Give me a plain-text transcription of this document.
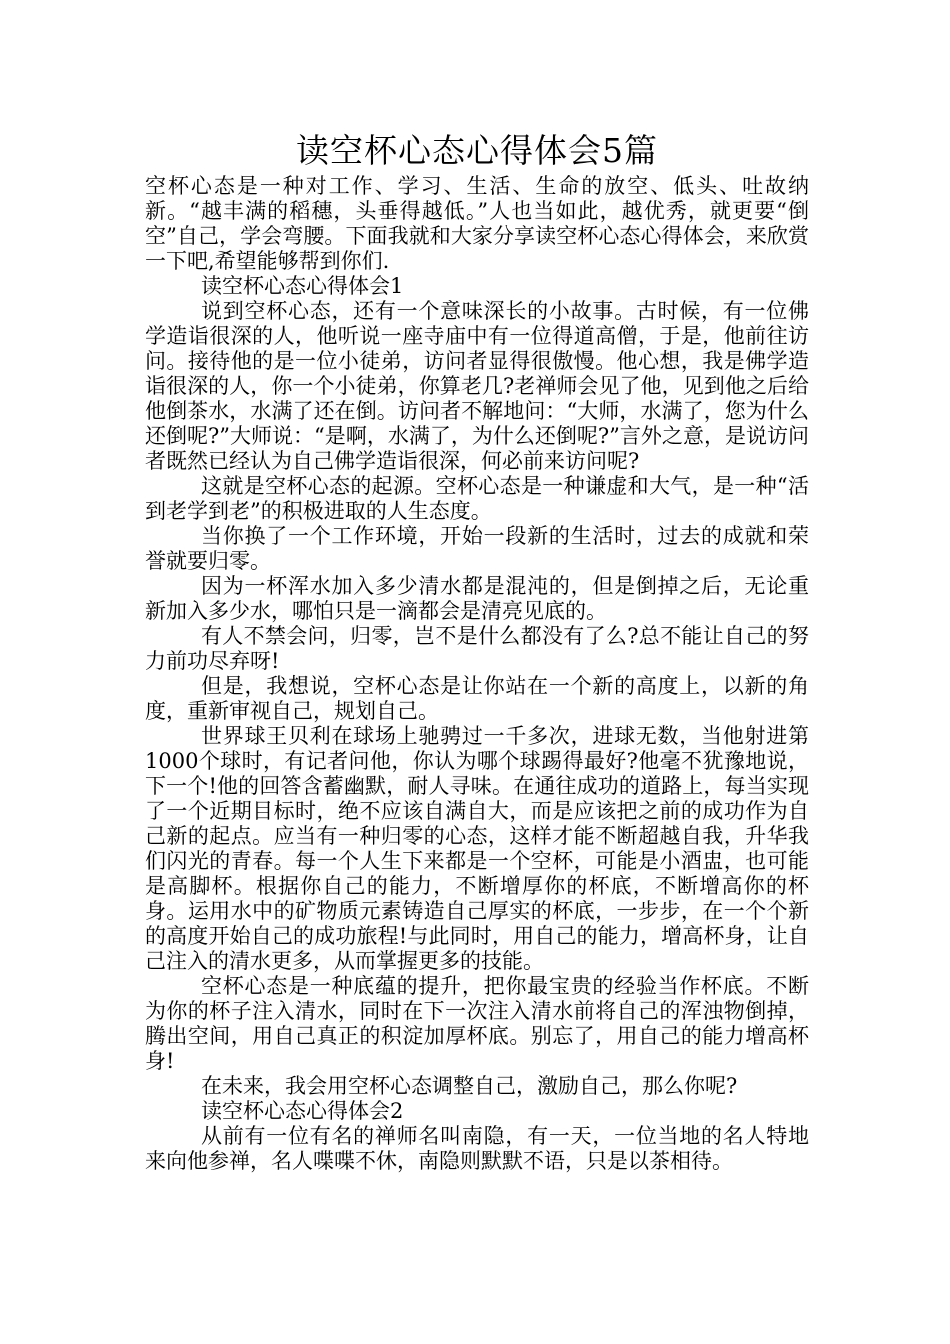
读空杯心态心得体会5篇

空杯心态是一种对工作、学习、生活、生命的放空、低头、吐故纳新。“越丰满的稻穗，头垂得越低。”人也当如此，越优秀，就更要“倒空”自己，学会弯腰。下面我就和大家分享读空杯心态心得体会，来欣赏一下吧,希望能够帮到你们.

读空杯心态心得体会1

说到空杯心态，还有一个意味深长的小故事。古时候，有一位佛学造诣很深的人，他听说一座寺庙中有一位得道高僧，于是，他前往访问。接待他的是一位小徒弟，访问者显得很傲慢。他心想，我是佛学造诣很深的人，你一个小徒弟，你算老几?老禅师会见了他，见到他之后给他倒茶水，水满了还在倒。访问者不解地问：“大师，水满了，您为什么还倒呢?”大师说：“是啊，水满了，为什么还倒呢?”言外之意，是说访问者既然已经认为自己佛学造诣很深，何必前来访问呢?

这就是空杯心态的起源。空杯心态是一种谦虚和大气，是一种“活到老学到老”的积极进取的人生态度。

当你换了一个工作环境，开始一段新的生活时，过去的成就和荣誉就要归零。

因为一杯浑水加入多少清水都是混沌的，但是倒掉之后，无论重新加入多少水，哪怕只是一滴都会是清亮见底的。

有人不禁会问，归零，岂不是什么都没有了么?总不能让自己的努力前功尽弃呀!

但是，我想说，空杯心态是让你站在一个新的高度上，以新的角度，重新审视自己，规划自己。

世界球王贝利在球场上驰骋过一千多次，进球无数，当他射进第1000个球时，有记者问他，你认为哪个球踢得最好?他毫不犹豫地说，下一个!他的回答含蓄幽默，耐人寻味。在通往成功的道路上，每当实现了一个近期目标时，绝不应该自满自大，而是应该把之前的成功作为自己新的起点。应当有一种归零的心态，这样才能不断超越自我，升华我们闪光的青春。每一个人生下来都是一个空杯，可能是小酒盅，也可能是高脚杯。根据你自己的能力，不断增厚你的杯底，不断增高你的杯身。运用水中的矿物质元素铸造自己厚实的杯底，一步步，在一个个新的高度开始自己的成功旅程!与此同时，用自己的能力，增高杯身，让自己注入的清水更多，从而掌握更多的技能。

空杯心态是一种底蕴的提升，把你最宝贵的经验当作杯底。不断为你的杯子注入清水，同时在下一次注入清水前将自己的浑浊物倒掉，腾出空间，用自己真正的积淀加厚杯底。别忘了，用自己的能力增高杯身!

在未来，我会用空杯心态调整自己，激励自己，那么你呢?

读空杯心态心得体会2

从前有一位有名的禅师名叫南隐，有一天，一位当地的名人特地来向他参禅，名人喋喋不休，南隐则默默不语，只是以茶相待。
